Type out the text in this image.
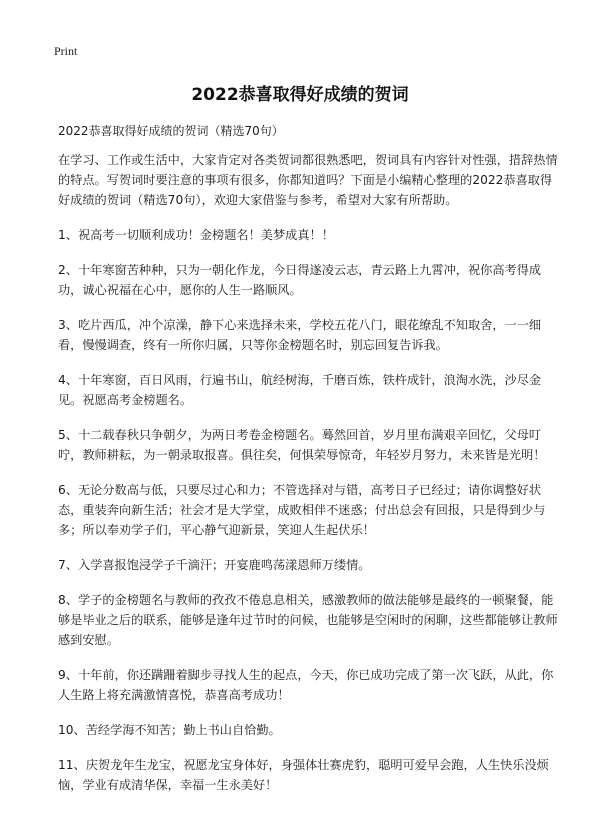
Print
2022恭喜取得好成绩的贺词
2022恭喜取得好成绩的贺词（精选70句）

在学习、工作或生活中，大家肯定对各类贺词都很熟悉吧，贺词具有内容针对性强，措辞热情的特点。写贺词时要注意的事项有很多，你都知道吗？下面是小编精心整理的2022恭喜取得好成绩的贺词（精选70句），欢迎大家借鉴与参考，希望对大家有所帮助。

1、祝高考一切顺利成功！金榜题名！美梦成真！！

2、十年寒窗苦种种，只为一朝化作龙，今日得遂凌云志，青云路上九霄冲，祝你高考得成功，诚心祝福在心中，愿你的人生一路顺风。

3、吃片西瓜，冲个凉澡，静下心来选择未来，学校五花八门，眼花缭乱不知取舍，一一细看，慢慢调查，终有一所你归属，只等你金榜题名时，别忘回复告诉我。

4、十年寒窗，百日风雨，行遍书山，航经树海，千磨百炼，铁杵成针，浪淘水洗，沙尽金见。祝愿高考金榜题名。

5、十二载春秋只争朝夕，为两日考卷金榜题名。蓦然回首，岁月里布满艰辛回忆，父母叮咛，教师耕耘，为一朝录取报喜。俱往矣，何惧荣辱惊奇，年轻岁月努力，未来皆是光明！

6、无论分数高与低，只要尽过心和力；不管选择对与错，高考日子已经过；请你调整好状态，重装奔向新生活；社会才是大学堂，成败相伴不迷惑；付出总会有回报，只是得到少与多；所以奉劝学子们，平心静气迎新景，笑迎人生起伏乐！

7、入学喜报饱浸学子千滴汗；开宴鹿鸣荡漾恩师万缕情。

8、学子的金榜题名与教师的孜孜不倦息息相关，感激教师的做法能够是最终的一顿聚餐，能够是毕业之后的联系，能够是逢年过节时的问候，也能够是空闲时的闲聊，这些都能够让教师感到安慰。

9、十年前，你还蹒跚着脚步寻找人生的起点，今天，你已成功完成了第一次飞跃，从此，你人生路上将充满激情喜悦，恭喜高考成功！

10、苦经学海不知苦；勤上书山自恰勤。

11、庆贺龙年生龙宝，祝愿龙宝身体好，身强体壮赛虎豹，聪明可爱早会跑，人生快乐没烦恼，学业有成清华保，幸福一生永美好！
